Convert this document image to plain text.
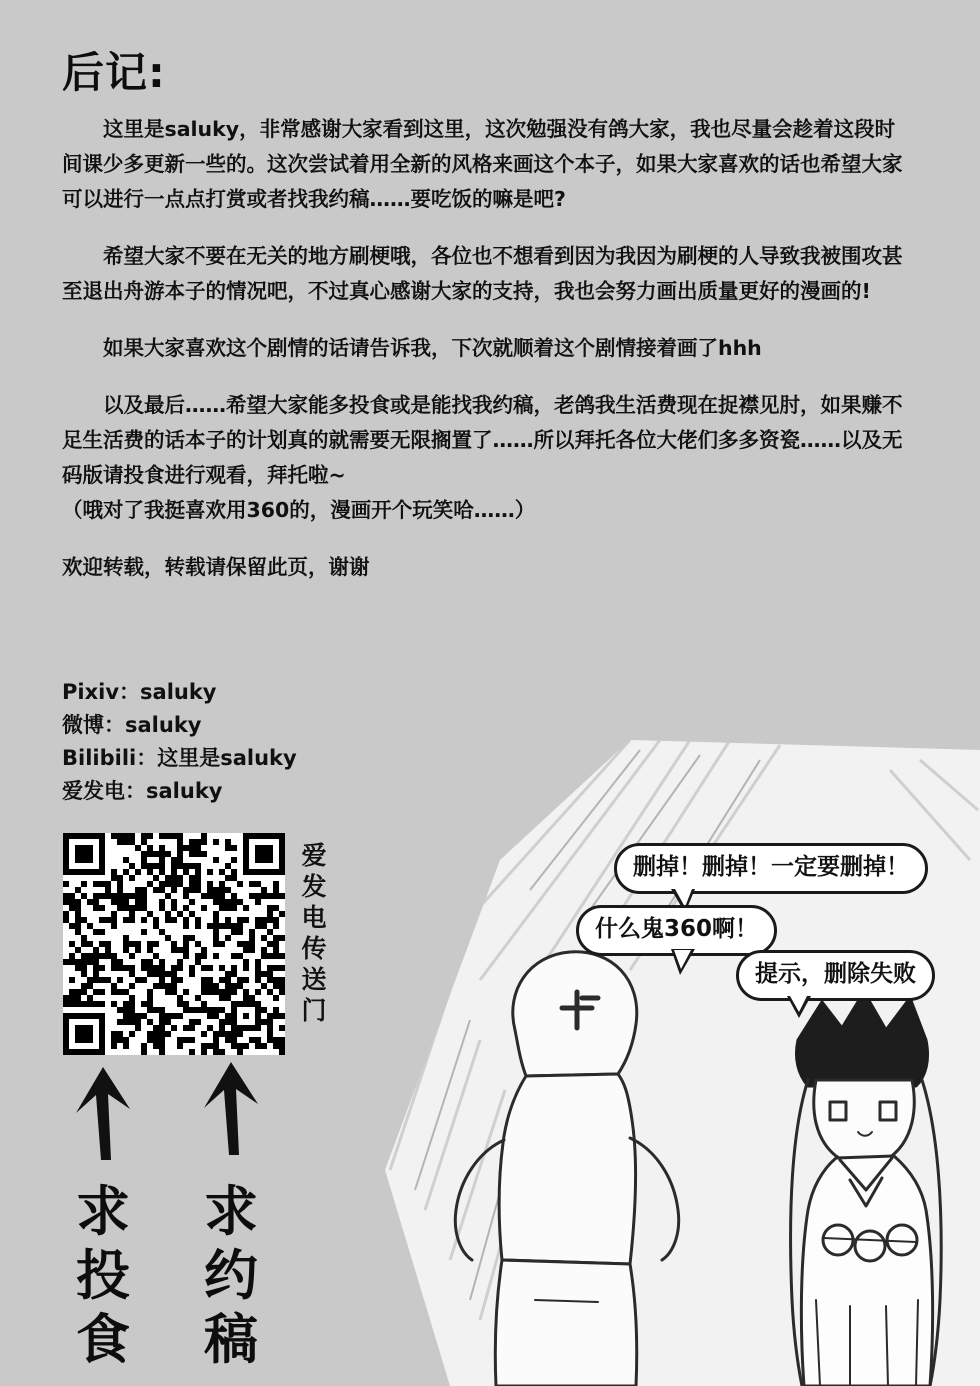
后记:

这里是saluky，非常感谢大家看到这里，这次勉强没有鸽大家，我也尽量会趁着这段时间课少多更新一些的。这次尝试着用全新的风格来画这个本子，如果大家喜欢的话也希望大家可以进行一点点打赏或者找我约稿……要吃饭的嘛是吧?

希望大家不要在无关的地方刷梗哦，各位也不想看到因为我因为刷梗的人导致我被围攻甚至退出舟游本子的情况吧，不过真心感谢大家的支持，我也会努力画出质量更好的漫画的!

如果大家喜欢这个剧情的话请告诉我，下次就顺着这个剧情接着画了hhh

以及最后……希望大家能多投食或是能找我约稿，老鸽我生活费现在捉襟见肘，如果赚不足生活费的话本子的计划真的就需要无限搁置了……所以拜托各位大佬们多多资瓷……以及无码版请投食进行观看，拜托啦~

（哦对了我挺喜欢用360的，漫画开个玩笑哈……）

欢迎转载，转载请保留此页，谢谢

Pixiv：saluky
微博：saluky
Bilibili：这里是saluky
爱发电：saluky
爱
发
电
传
送
门
求
投
食
求
约
稿
删掉！删掉！一定要删掉！
什么鬼360啊！
提示，删除失败
